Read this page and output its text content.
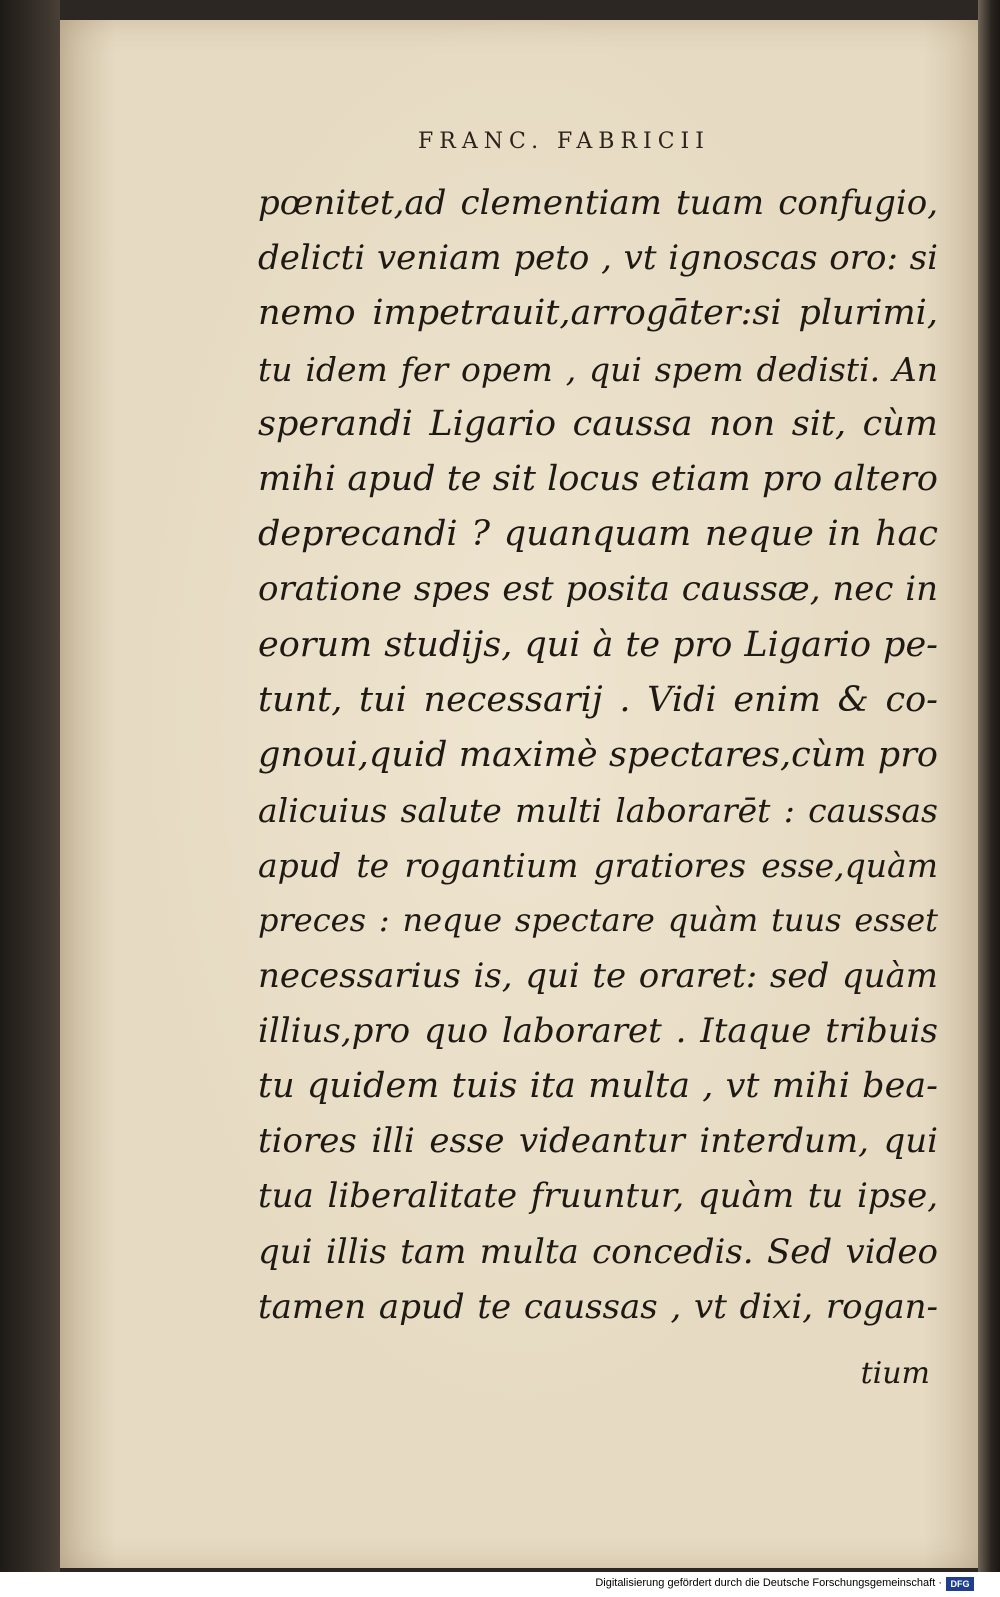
FRANC. FABRICII
pœnitet,ad clementiam tuam confugio,
delicti veniam peto , vt ignoscas oro: si
nemo impetrauit,arrogāter:si plurimi,
tu idem fer opem , qui spem dedisti. An
sperandi Ligario caussa non sit, cùm
mihi apud te sit locus etiam pro altero
deprecandi ? quanquam neque in hac
oratione spes est posita caussæ, nec in
eorum studijs, qui à te pro Ligario pe-
tunt, tui necessarij . Vidi enim & co-
gnoui,quid maximè spectares,cùm pro
alicuius salute multi laborarēt : caussas
apud te rogantium gratiores esse,quàm
preces : neque spectare quàm tuus esset
necessarius is, qui te oraret: sed quàm
illius,pro quo laboraret . Itaque tribuis
tu quidem tuis ita multa , vt mihi bea-
tiores illi esse videantur interdum, qui
tua liberalitate fruuntur, quàm tu ipse,
qui illis tam multa concedis. Sed video
tamen apud te caussas , vt dixi, rogan-
tium
Digitalisierung gefördert durch die Deutsche Forschungsgemeinschaft · DFG
